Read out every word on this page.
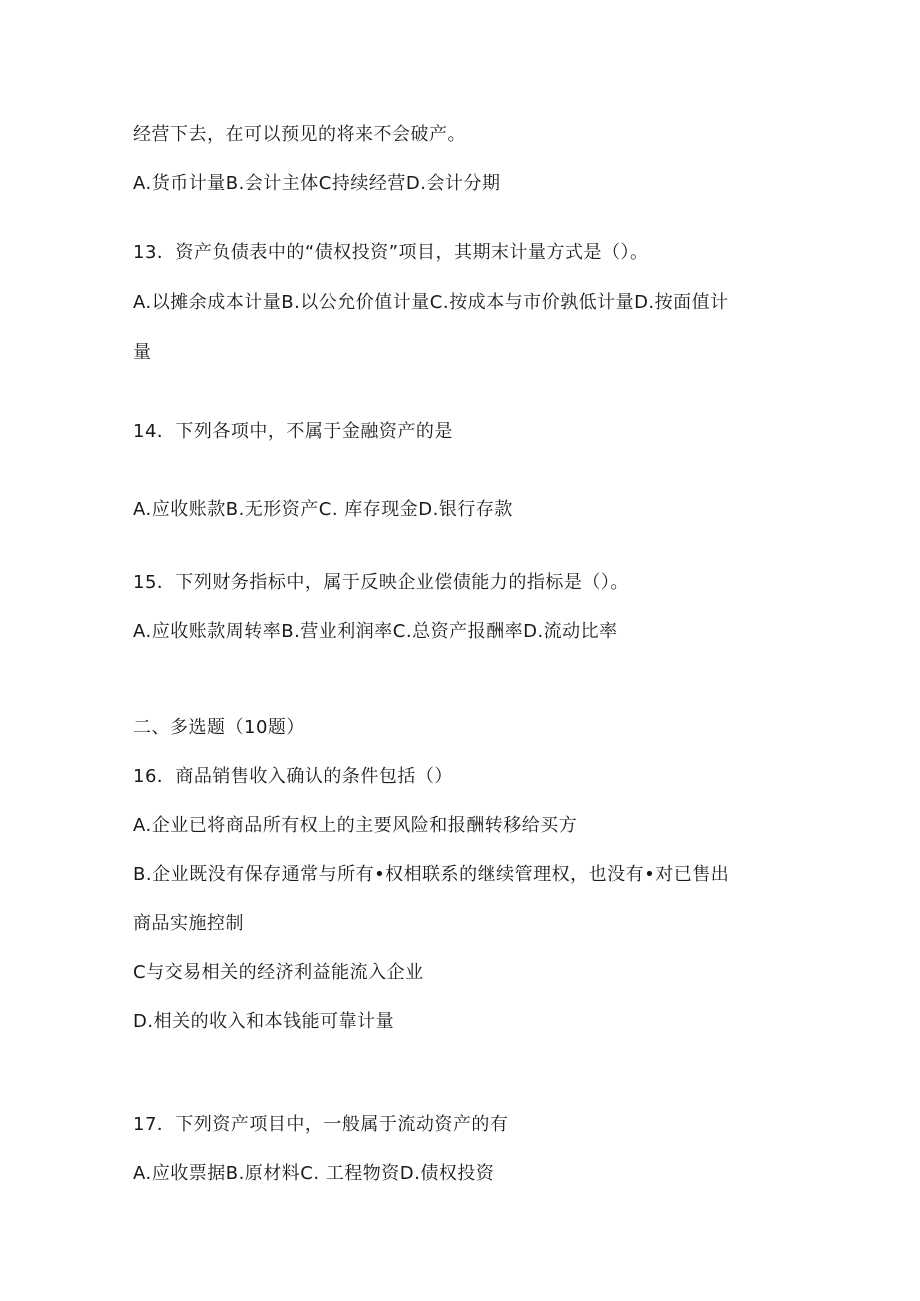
经营下去，在可以预见的将来不会破产。
A.货币计量B.会计主体C持续经营D.会计分期
13．资产负债表中的“债权投资”项目，其期末计量方式是（）。
A.以摊余成本计量B.以公允价值计量C.按成本与市价孰低计量D.按面值计
量
14．下列各项中，不属于金融资产的是
A.应收账款B.无形资产C. 库存现金D.银行存款
15．下列财务指标中，属于反映企业偿债能力的指标是（）。
A.应收账款周转率B.营业利润率C.总资产报酬率D.流动比率
二、多选题（10题）
16．商品销售收入确认的条件包括（）
A.企业已将商品所有权上的主要风险和报酬转移给买方
B.企业既没有保存通常与所有•权相联系的继续管理权，也没有•对已售出
商品实施控制
C与交易相关的经济利益能流入企业
D.相关的收入和本钱能可靠计量
17．下列资产项目中，一般属于流动资产的有
A.应收票据B.原材料C. 工程物资D.债权投资
